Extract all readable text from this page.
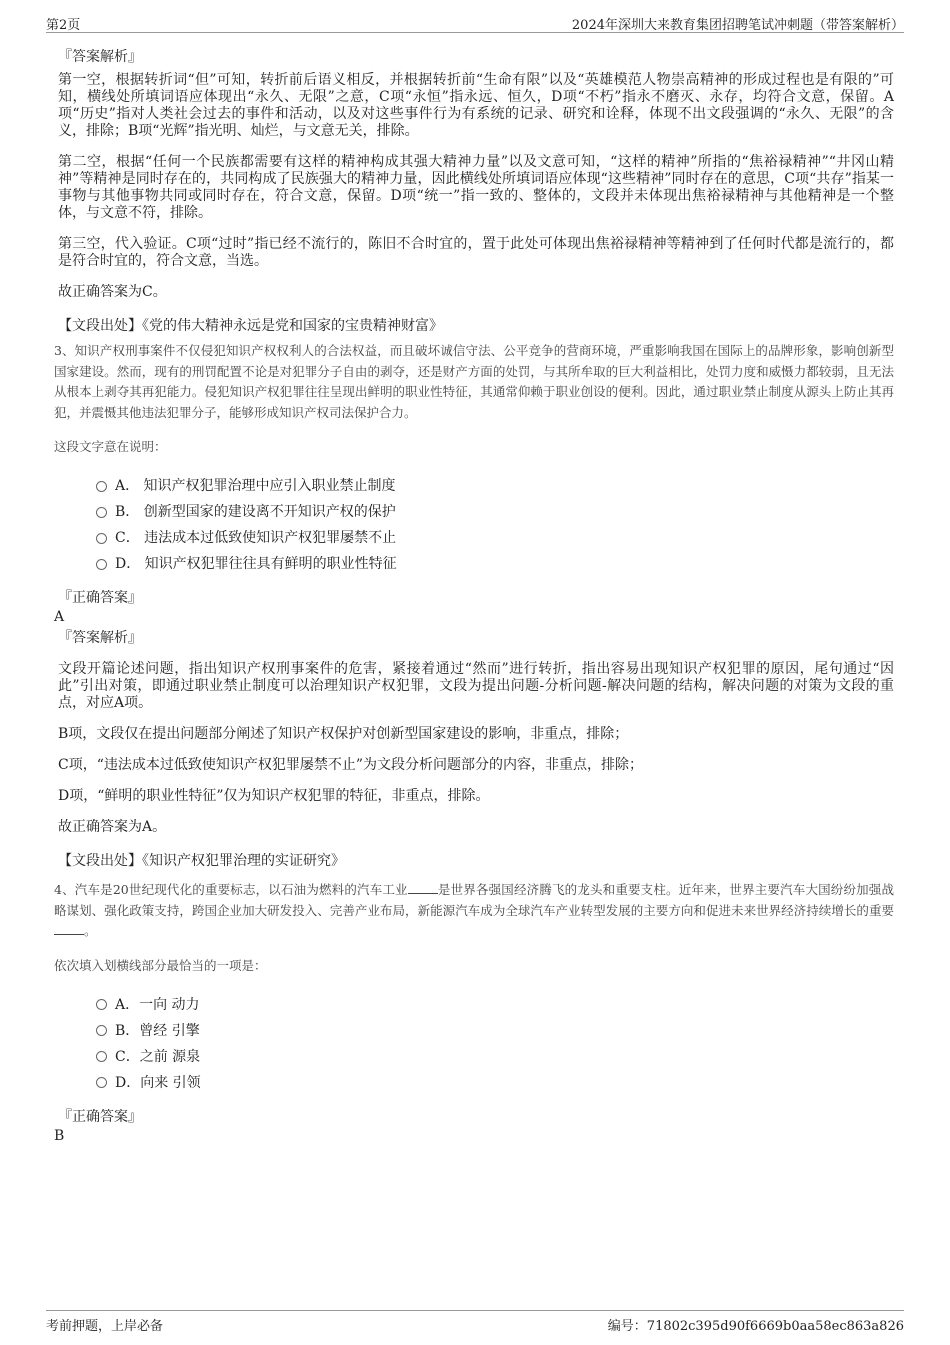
第2页	2024年深圳大来教育集团招聘笔试冲刺题（带答案解析）
『答案解析』

第一空，根据转折词“但”可知，转折前后语义相反，并根据转折前“生命有限”以及“英雄模范人物崇高精神的形成过程也是有限的”可知，横线处所填词语应体现出“永久、无限”之意，C项“永恒”指永远、恒久，D项“不朽”指永不磨灭、永存，均符合文意，保留。A项“历史”指对人类社会过去的事件和活动，以及对这些事件行为有系统的记录、研究和诠释，体现不出文段强调的“永久、无限”的含义，排除；B项“光辉”指光明、灿烂，与文意无关，排除。

第二空，根据“任何一个民族都需要有这样的精神构成其强大精神力量”以及文意可知，“这样的精神”所指的“焦裕禄精神”“井冈山精神”等精神是同时存在的，共同构成了民族强大的精神力量，因此横线处所填词语应体现“这些精神”同时存在的意思，C项“共存”指某一事物与其他事物共同或同时存在，符合文意，保留。D项“统一”指一致的、整体的，文段并未体现出焦裕禄精神与其他精神是一个整体，与文意不符，排除。

第三空，代入验证。C项“过时”指已经不流行的，陈旧不合时宜的，置于此处可体现出焦裕禄精神等精神到了任何时代都是流行的，都是符合时宜的，符合文意，当选。

故正确答案为C。

【文段出处】《党的伟大精神永远是党和国家的宝贵精神财富》
3、知识产权刑事案件不仅侵犯知识产权权利人的合法权益，而且破坏诚信守法、公平竞争的营商环境，严重影响我国在国际上的品牌形象，影响创新型国家建设。然而，现有的刑罚配置不论是对犯罪分子自由的剥夺，还是财产方面的处罚，与其所牟取的巨大利益相比，处罚力度和威慑力都较弱，且无法从根本上剥夺其再犯能力。侵犯知识产权犯罪往往呈现出鲜明的职业性特征，其通常仰赖于职业创设的便利。因此，通过职业禁止制度从源头上防止其再犯，并震慑其他违法犯罪分子，能够形成知识产权司法保护合力。
这段文字意在说明：
A． 知识产权犯罪治理中应引入职业禁止制度
B． 创新型国家的建设离不开知识产权的保护
C． 违法成本过低致使知识产权犯罪屡禁不止
D． 知识产权犯罪往往具有鲜明的职业性特征
『正确答案』
A
『答案解析』

文段开篇论述问题，指出知识产权刑事案件的危害，紧接着通过“然而”进行转折，指出容易出现知识产权犯罪的原因，尾句通过“因此”引出对策，即通过职业禁止制度可以治理知识产权犯罪，文段为提出问题-分析问题-解决问题的结构，解决问题的对策为文段的重点，对应A项。

B项，文段仅在提出问题部分阐述了知识产权保护对创新型国家建设的影响，非重点，排除；

C项，“违法成本过低致使知识产权犯罪屡禁不止”为文段分析问题部分的内容，非重点，排除；

D项，“鲜明的职业性特征”仅为知识产权犯罪的特征，非重点，排除。

故正确答案为A。

【文段出处】《知识产权犯罪治理的实证研究》
4、汽车是20世纪现代化的重要标志，以石油为燃料的汽车工业 是世界各强国经济腾飞的龙头和重要支柱。近年来，世界主要汽车大国纷纷加强战略谋划、强化政策支持，跨国企业加大研发投入、完善产业布局，新能源汽车成为全球汽车产业转型发展的主要方向和促进未来世界经济持续增长的重要。
依次填入划横线部分最恰当的一项是：
A．一向 动力
B．曾经 引擎
C．之前 源泉
D．向来 引领
『正确答案』
B
考前押题，上岸必备	编号：71802c395d90f6669b0aa58ec863a826
